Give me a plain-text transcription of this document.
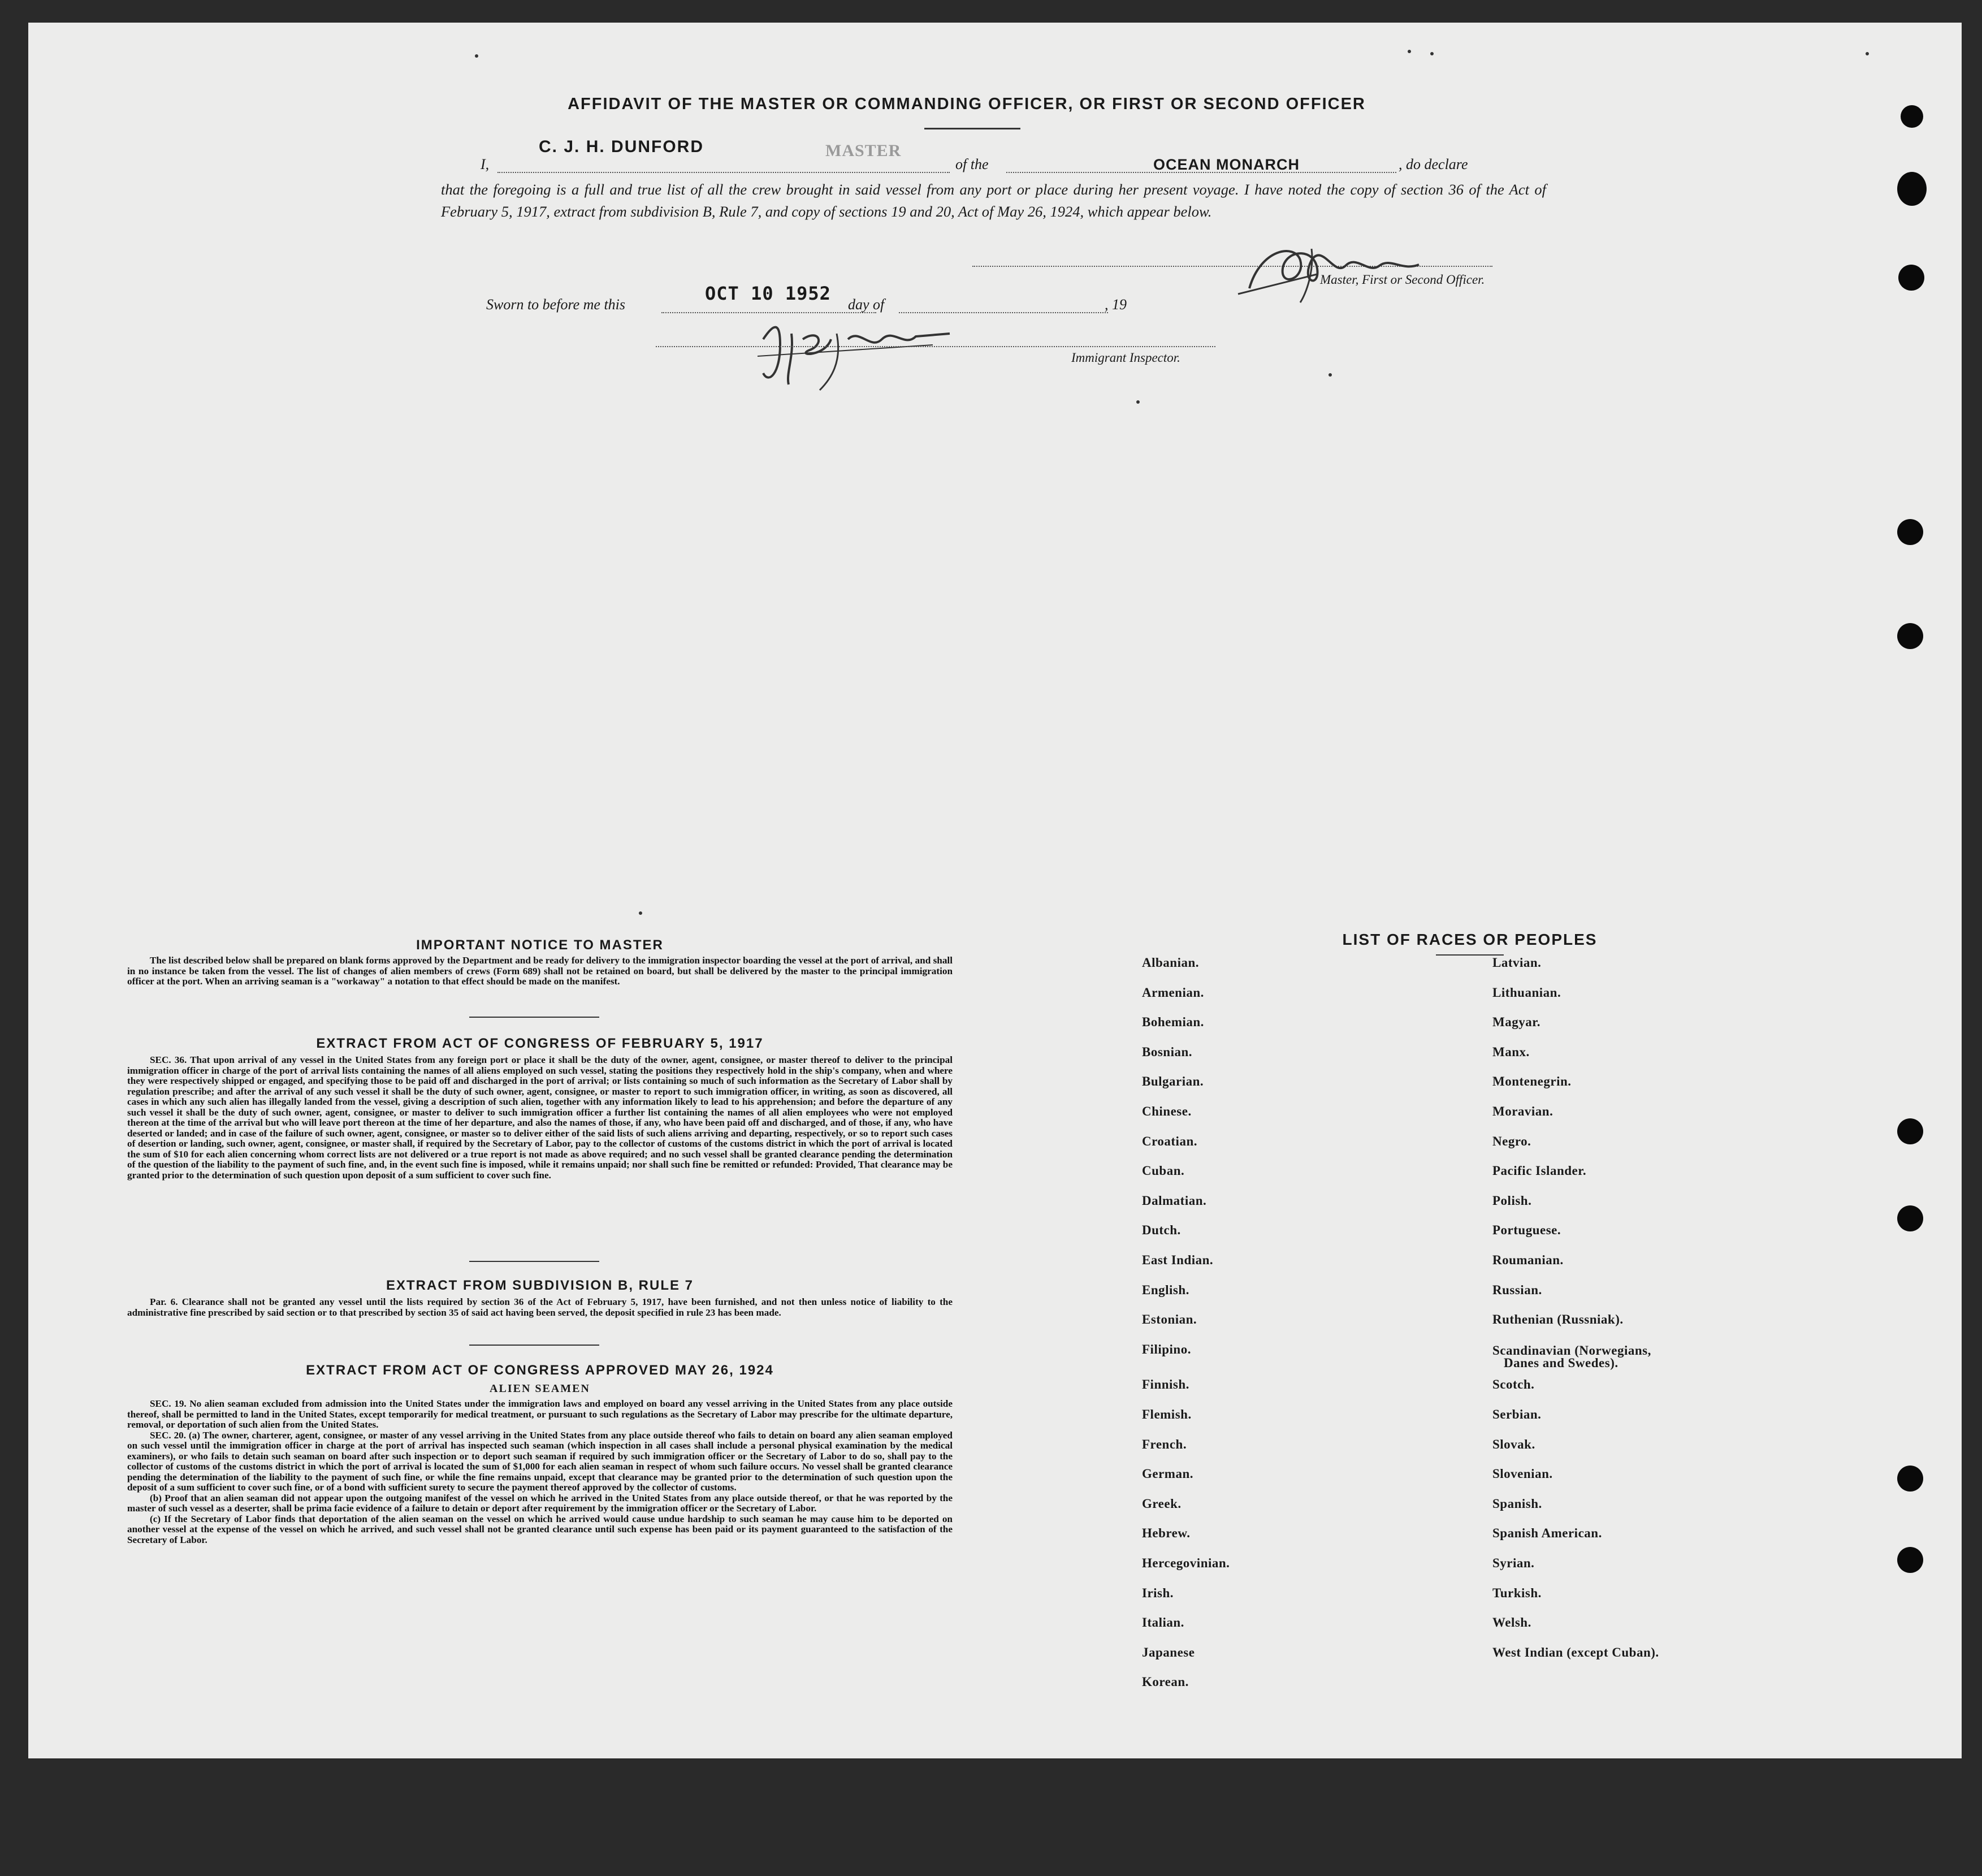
AFFIDAVIT OF THE MASTER OR COMMANDING OFFICER, OR FIRST OR SECOND OFFICER
I,
C. J. H. DUNFORD	MASTER
of the	OCEAN MONARCH	, do declare
that the foregoing is a full and true list of all the crew brought in said vessel from any port or place during her present voyage. I have noted the copy of section 36 of the Act of February 5, 1917, extract from subdivision B, Rule 7, and copy of sections 19 and 20, Act of May 26, 1924, which appear below.
Master, First or Second Officer.
Sworn to before me this
OCT 10 1952
day of	, 19
Immigrant Inspector.
IMPORTANT NOTICE TO MASTER

The list described below shall be prepared on blank forms approved by the Department and be ready for delivery to the immigration inspector boarding the vessel at the port of arrival, and shall in no instance be taken from the vessel. The list of changes of alien members of crews (Form 689) shall not be retained on board, but shall be delivered by the master to the principal immigration officer at the port. When an arriving seaman is a "workaway" a notation to that effect should be made on the manifest.

EXTRACT FROM ACT OF CONGRESS OF FEBRUARY 5, 1917

SEC. 36. That upon arrival of any vessel in the United States from any foreign port or place it shall be the duty of the owner, agent, consignee, or master thereof to deliver to the principal immigration officer in charge of the port of arrival lists containing the names of all aliens employed on such vessel, stating the positions they respectively hold in the ship's company, when and where they were respectively shipped or engaged, and specifying those to be paid off and discharged in the port of arrival; or lists containing so much of such information as the Secretary of Labor shall by regulation prescribe; and after the arrival of any such vessel it shall be the duty of such owner, agent, consignee, or master to report to such immigration officer, in writing, as soon as discovered, all cases in which any such alien has illegally landed from the vessel, giving a description of such alien, together with any information likely to lead to his apprehension; and before the departure of any such vessel it shall be the duty of such owner, agent, consignee, or master to deliver to such immigration officer a further list containing the names of all alien employees who were not employed thereon at the time of the arrival but who will leave port thereon at the time of her departure, and also the names of those, if any, who have been paid off and discharged, and of those, if any, who have deserted or landed; and in case of the failure of such owner, agent, consignee, or master so to deliver either of the said lists of such aliens arriving and departing, respectively, or so to report such cases of desertion or landing, such owner, agent, consignee, or master shall, if required by the Secretary of Labor, pay to the collector of customs of the customs district in which the port of arrival is located the sum of $10 for each alien concerning whom correct lists are not delivered or a true report is not made as above required; and no such vessel shall be granted clearance pending the determination of the question of the liability to the payment of such fine, and, in the event such fine is imposed, while it remains unpaid; nor shall such fine be remitted or refunded: Provided, That clearance may be granted prior to the determination of such question upon deposit of a sum sufficient to cover such fine.

EXTRACT FROM SUBDIVISION B, RULE 7

Par. 6. Clearance shall not be granted any vessel until the lists required by section 36 of the Act of February 5, 1917, have been furnished, and not then unless notice of liability to the administrative fine prescribed by said section or to that prescribed by section 35 of said act having been served, the deposit specified in rule 23 has been made.

EXTRACT FROM ACT OF CONGRESS APPROVED MAY 26, 1924
ALIEN SEAMEN

SEC. 19. No alien seaman excluded from admission into the United States under the immigration laws and employed on board any vessel arriving in the United States from any place outside thereof, shall be permitted to land in the United States, except temporarily for medical treatment, or pursuant to such regulations as the Secretary of Labor may prescribe for the ultimate departure, removal, or deportation of such alien from the United States.

SEC. 20. (a) The owner, charterer, agent, consignee, or master of any vessel arriving in the United States from any place outside thereof who fails to detain on board any alien seaman employed on such vessel until the immigration officer in charge at the port of arrival has inspected such seaman (which inspection in all cases shall include a personal physical examination by the medical examiners), or who fails to detain such seaman on board after such inspection or to deport such seaman if required by such immigration officer or the Secretary of Labor to do so, shall pay to the collector of customs of the customs district in which the port of arrival is located the sum of $1,000 for each alien seaman in respect of whom such failure occurs. No vessel shall be granted clearance pending the determination of the liability to the payment of such fine, or while the fine remains unpaid, except that clearance may be granted prior to the determination of such question upon the deposit of a sum sufficient to cover such fine, or of a bond with sufficient surety to secure the payment thereof approved by the collector of customs.

(b) Proof that an alien seaman did not appear upon the outgoing manifest of the vessel on which he arrived in the United States from any place outside thereof, or that he was reported by the master of such vessel as a deserter, shall be prima facie evidence of a failure to detain or deport after requirement by the immigration officer or the Secretary of Labor.

(c) If the Secretary of Labor finds that deportation of the alien seaman on the vessel on which he arrived would cause undue hardship to such seaman he may cause him to be deported on another vessel at the expense of the vessel on which he arrived, and such vessel shall not be granted clearance until such expense has been paid or its payment guaranteed to the satisfaction of the Secretary of Labor.

LIST OF RACES OR PEOPLES
Albanian.
Armenian.
Bohemian.
Bosnian.
Bulgarian.
Chinese.
Croatian.
Cuban.
Dalmatian.
Dutch.
East Indian.
English.
Estonian.
Filipino.
Finnish.
Flemish.
French.
German.
Greek.
Hebrew.
Hercegovinian.
Irish.
Italian.
Japanese
Korean.
Latvian.
Lithuanian.
Magyar.
Manx.
Montenegrin.
Moravian.
Negro.
Pacific Islander.
Polish.
Portuguese.
Roumanian.
Russian.
Ruthenian (Russniak).
Scandinavian (Norwegians,
Danes and Swedes).
Scotch.
Serbian.
Slovak.
Slovenian.
Spanish.
Spanish American.
Syrian.
Turkish.
Welsh.
West Indian (except Cuban).
